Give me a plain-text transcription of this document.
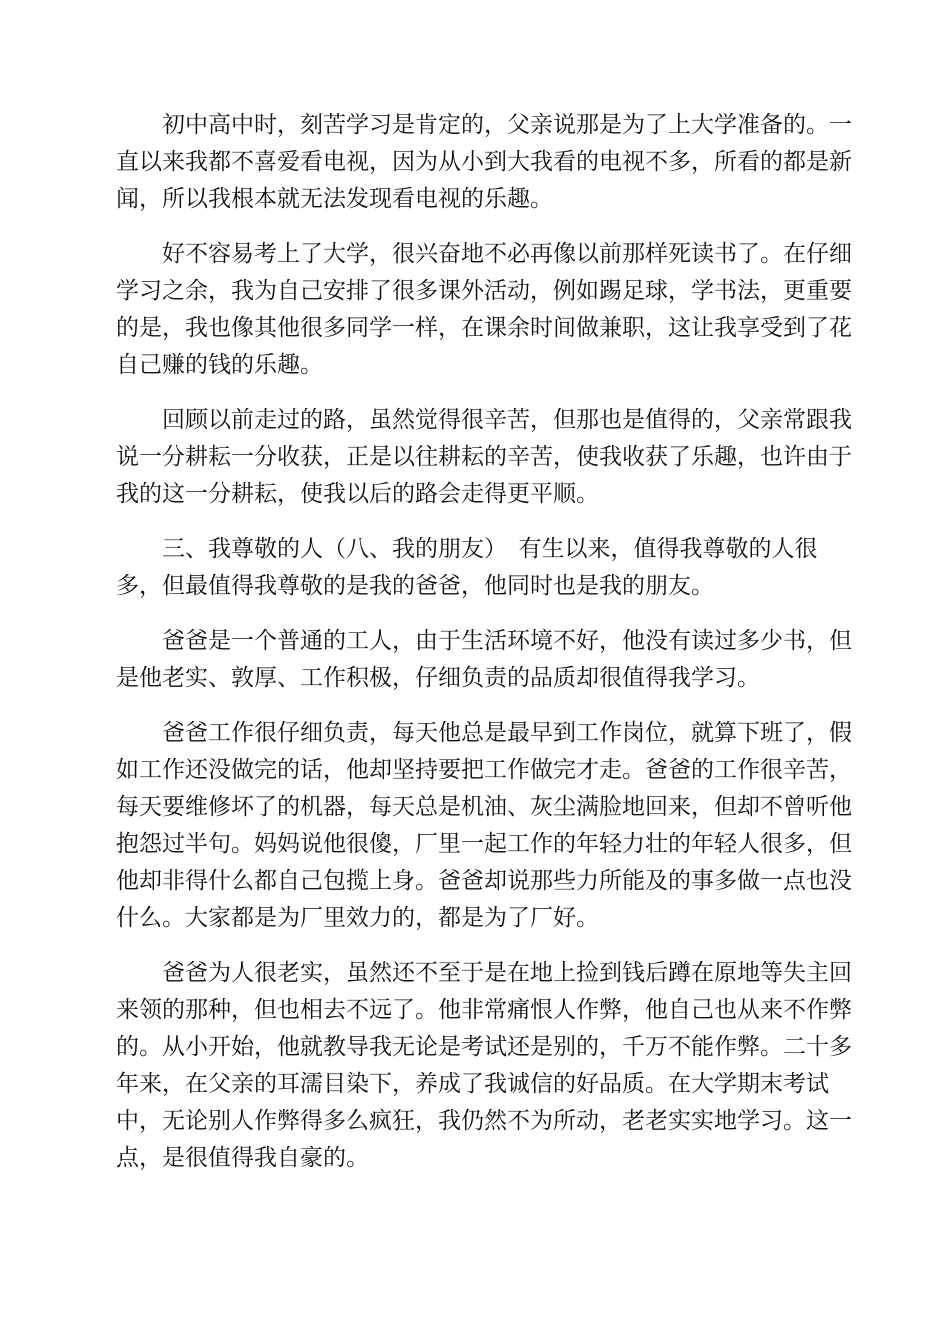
初中高中时，刻苦学习是肯定的，父亲说那是为了上大学准备的。一
直以来我都不喜爱看电视，因为从小到大我看的电视不多，所看的都是新
闻，所以我根本就无法发现看电视的乐趣。

好不容易考上了大学，很兴奋地不必再像以前那样死读书了。在仔细
学习之余，我为自己安排了很多课外活动，例如踢足球，学书法，更重要
的是，我也像其他很多同学一样，在课余时间做兼职，这让我享受到了花
自己赚的钱的乐趣。

回顾以前走过的路，虽然觉得很辛苦，但那也是值得的，父亲常跟我
说一分耕耘一分收获，正是以往耕耘的辛苦，使我收获了乐趣，也许由于
我的这一分耕耘，使我以后的路会走得更平顺。

三、我尊敬的人（八、我的朋友）　有生以来，值得我尊敬的人很
多，但最值得我尊敬的是我的爸爸，他同时也是我的朋友。

爸爸是一个普通的工人，由于生活环境不好，他没有读过多少书，但
是他老实、敦厚、工作积极，仔细负责的品质却很值得我学习。

爸爸工作很仔细负责，每天他总是最早到工作岗位，就算下班了，假
如工作还没做完的话，他却坚持要把工作做完才走。爸爸的工作很辛苦，
每天要维修坏了的机器，每天总是机油、灰尘满脸地回来，但却不曾听他
抱怨过半句。妈妈说他很傻，厂里一起工作的年轻力壮的年轻人很多，但
他却非得什么都自己包揽上身。爸爸却说那些力所能及的事多做一点也没
什么。大家都是为厂里效力的，都是为了厂好。

爸爸为人很老实，虽然还不至于是在地上捡到钱后蹲在原地等失主回
来领的那种，但也相去不远了。他非常痛恨人作弊，他自己也从来不作弊
的。从小开始，他就教导我无论是考试还是别的，千万不能作弊。二十多
年来，在父亲的耳濡目染下，养成了我诚信的好品质。在大学期末考试
中，无论别人作弊得多么疯狂，我仍然不为所动，老老实实地学习。这一
点，是很值得我自豪的。
